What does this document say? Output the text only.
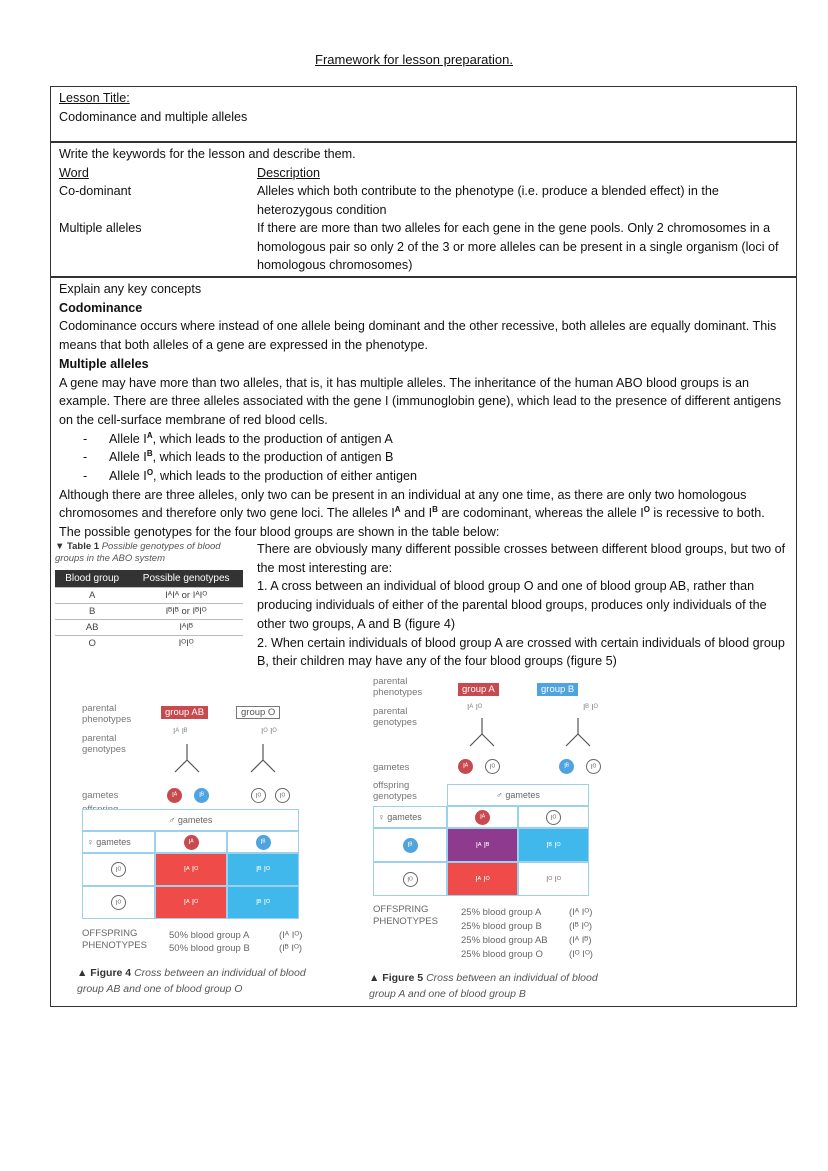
Framework for lesson preparation.
Lesson Title:
Codominance and multiple alleles
Write the keywords for the lesson and describe them.
Word	Description
Co-dominant	Alleles which both contribute to the phenotype (i.e. produce a blended effect) in the heterozygous condition
Multiple alleles	If there are more than two alleles for each gene in the gene pools. Only 2 chromosomes in a homologous pair so only 2 of the 3 or more alleles can be present in a single organism (loci of homologous chromosomes)

Explain any key concepts

Codominance

Codominance occurs where instead of one allele being dominant and the other recessive, both alleles are equally dominant. This means that both alleles of a gene are expressed in the phenotype.

Multiple alleles

A gene may have more than two alleles, that is, it has multiple alleles. The inheritance of the human ABO blood groups is an example. There are three alleles associated with the gene I (immunoglobin gene), which lead to the presence of different antigens on the cell-surface membrane of red blood cells.

-	Allele $I^A$, which leads to the production of antigen A
-	Allele $I^B$, which leads to the production of antigen B
-	Allele $I^O$, which leads to the production of either antigen

Although there are three alleles, only two can be present in an individual at any one time, as there are only two homologous chromosomes and therefore only two gene loci. The alleles $I^A$ and $I^B$ are codominant, whereas the allele $I^O$ is recessive to both. The possible genotypes for the four blood groups are shown in the table below:

▼ Table 1 Possible genotypes of blood groups in the ABO system
Blood group	Possible genotypes
A	IᴬIᴬ or IᴬIᴼ
B	IᴮIᴮ or IᴮIᴼ
AB	IᴬIᴮ
O	IᴼIᴼ
There are obviously many different possible crosses between different blood groups, but two of the most interesting are:
1. A cross between an individual of blood group O and one of blood group AB, rather than producing individuals of either of the parental blood groups, produces only individuals of the other two groups, A and B (figure 4)
2. When certain individuals of blood group A are crossed with certain individuals of blood group B, their children may have any of the four blood groups (figure 5)
parental phenotypes
parental genotypes
group AB	group O
Iᴬ Iᴮ	Iᴼ Iᴼ
gametes	Iᴬ	Iᴮ	Iᴼ	Iᴼ
♂ gametes
♀ gametes	Iᴬ	Iᴮ
Iᴼ	Iᴬ Iᴼ	Iᴮ Iᴼ
Iᴼ	Iᴬ Iᴼ	Iᴮ Iᴼ
OFFSPRING PHENOTYPES
50% blood group A	(Iᴬ Iᴼ)
50% blood group B	(Iᴮ Iᴼ)
▲ Figure 4 Cross between an individual of blood group AB and one of blood group O
parental phenotypes
parental genotypes
group A	group B
Iᴬ Iᴼ	Iᴮ Iᴼ
gametes	Iᴬ	Iᴼ	Iᴮ	Iᴼ
offspring genotypes	♂ gametes
♀ gametes	Iᴬ	Iᴼ
Iᴮ	Iᴬ Iᴮ	Iᴮ Iᴼ
Iᴼ	Iᴬ Iᴼ	Iᴼ Iᴼ
OFFSPRING PHENOTYPES
25% blood group A	(Iᴬ Iᴼ)
25% blood group B	(Iᴮ Iᴼ)
25% blood group AB (Iᴬ Iᴮ)
25% blood group O	(Iᴼ Iᴼ)
▲ Figure 5 Cross between an individual of blood group A and one of blood group B
